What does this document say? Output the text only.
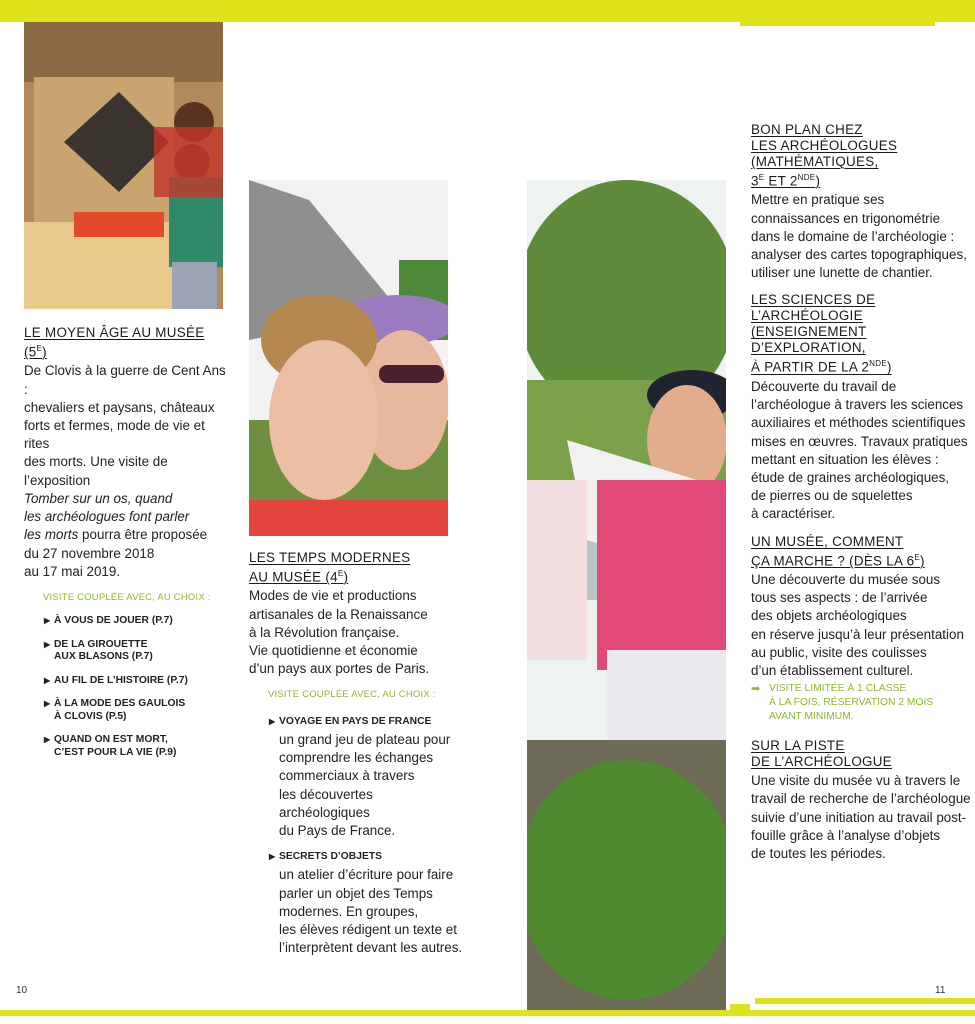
LE MOYEN ÂGE AU MUSÉE $(5^E)$

De Clovis à la guerre de Cent Ans :
chevaliers et paysans, châteaux
forts et fermes, mode de vie et rites
des morts. Une visite de l’exposition
Tomber sur un os, quand
les archéologues font parler
les morts pourra être proposée
du 27 novembre 2018
au 17 mai 2019.

VISITE COUPLÉE AVEC, AU CHOIX :
▶ À VOUS DE JOUER (P.7)
▶ DE LA GIROUETTE
AUX BLASONS (P.7)
▶ AU FIL DE L’HISTOIRE (P.7)
▶ À LA MODE DES GAULOIS
À CLOVIS (P.5)
▶ QUAND ON EST MORT,
C’EST POUR LA VIE (P.9)
LES TEMPS MODERNES
AU MUSÉE $(4^E)$

Modes de vie et productions
artisanales de la Renaissance
à la Révolution française.
Vie quotidienne et économie
d’un pays aux portes de Paris.

VISITE COUPLÉE AVEC, AU CHOIX :
▶ VOYAGE EN PAYS DE FRANCE

un grand jeu de plateau pour
comprendre les échanges
commerciaux à travers
les découvertes archéologiques
du Pays de France.

▶ SECRETS D’OBJETS

un atelier d’écriture pour faire
parler un objet des Temps
modernes. En groupes,
les élèves rédigent un texte et
l’interprètent devant les autres.

BON PLAN CHEZ
LES ARCHÉOLOGUES
(MATHÉMATIQUES,
$3^E$ ET 2NDE)

Mettre en pratique ses
connaissances en trigonométrie
dans le domaine de l’archéologie :
analyser des cartes topographiques,
utiliser une lunette de chantier.

LES SCIENCES DE
L’ARCHÉOLOGIE
(ENSEIGNEMENT
D’EXPLORATION,
À PARTIR DE LA 2NDE)

Découverte du travail de
l’archéologue à travers les sciences
auxiliaires et méthodes scientifiques
mises en œuvres. Travaux pratiques
mettant en situation les élèves :
étude de graines archéologiques,
de pierres ou de squelettes
à caractériser.

UN MUSÉE, COMMENT
ÇA MARCHE ? (DÈS LA $6^E$)

Une découverte du musée sous
tous ses aspects : de l’arrivée
des objets archéologiques
en réserve jusqu’à leur présentation
au public, visite des coulisses
d’un établissement culturel.

➡ VISITE LIMITÉE À 1 CLASSE
À LA FOIS, RÉSERVATION 2 MOIS
AVANT MINIMUM.
SUR LA PISTE
DE L’ARCHÉOLOGUE

Une visite du musée vu à travers le
travail de recherche de l’archéologue
suivie d’une initiation au travail post-
fouille grâce à l’analyse d’objets
de toutes les périodes.

10	11
